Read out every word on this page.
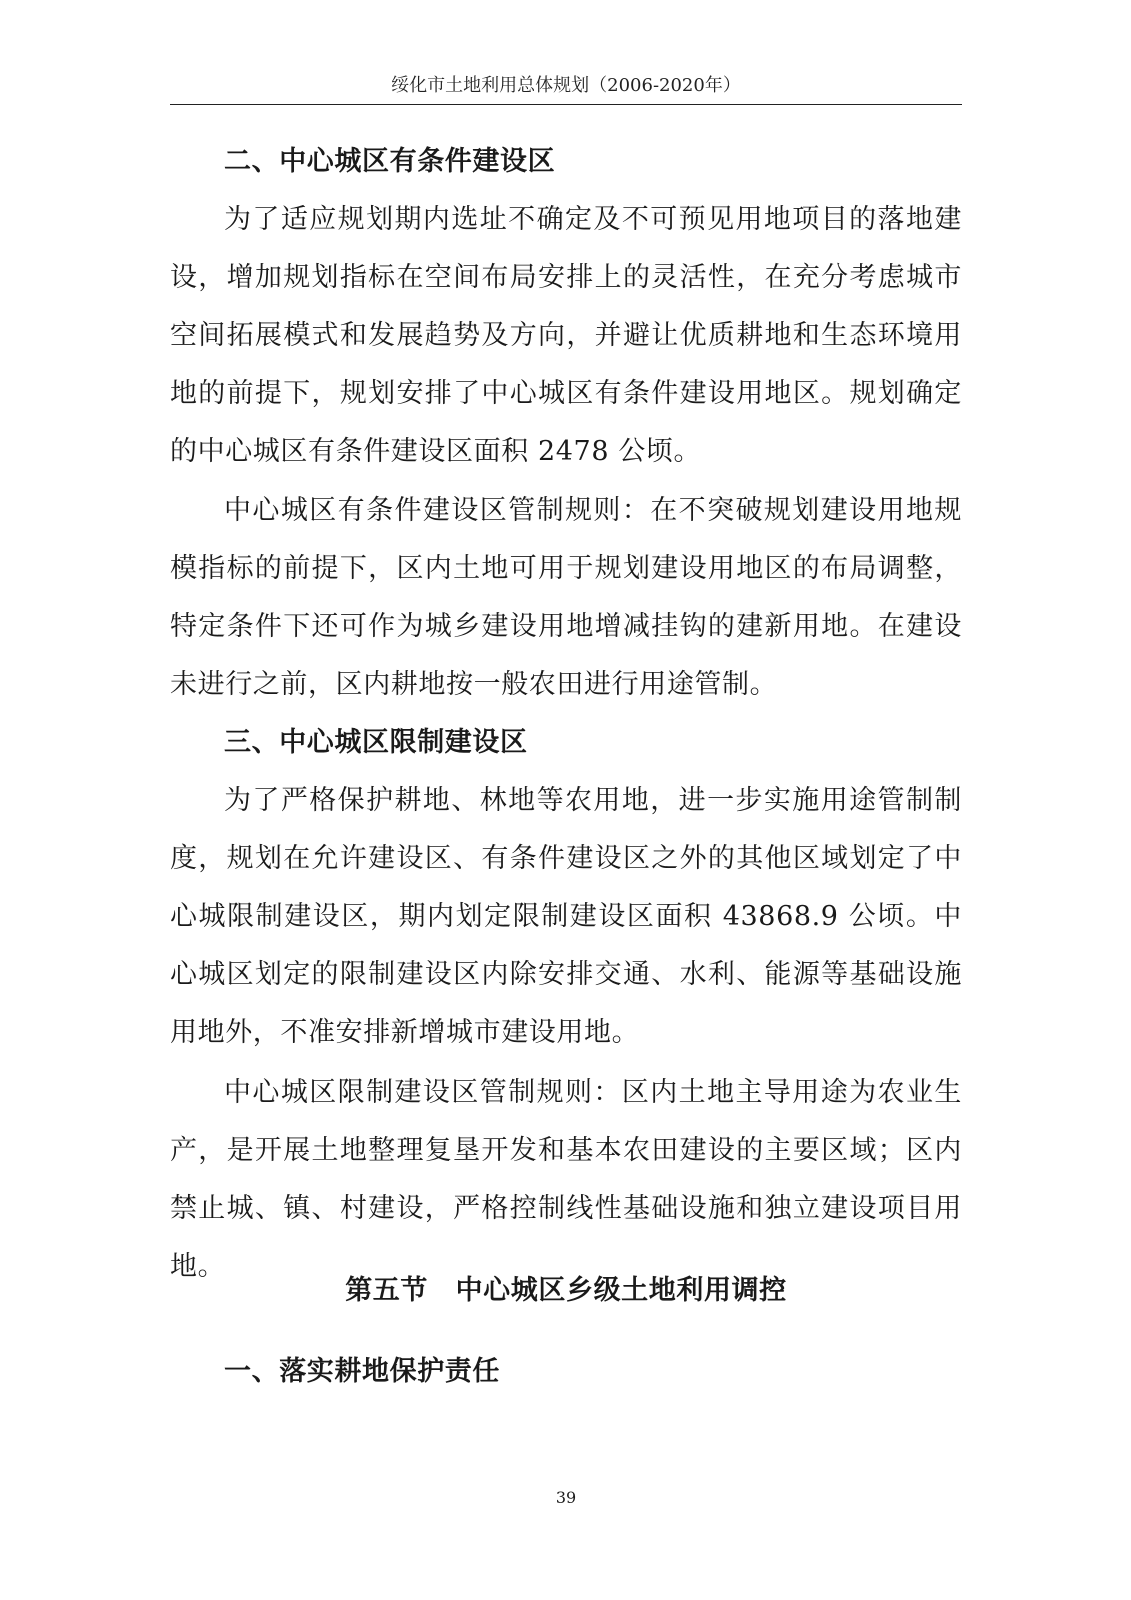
绥化市土地利用总体规划（2006-2020年）

二、中心城区有条件建设区

为了适应规划期内选址不确定及不可预见用地项目的落地建设，增加规划指标在空间布局安排上的灵活性，在充分考虑城市空间拓展模式和发展趋势及方向，并避让优质耕地和生态环境用地的前提下，规划安排了中心城区有条件建设用地区。规划确定的中心城区有条件建设区面积 2478 公顷。

中心城区有条件建设区管制规则：在不突破规划建设用地规模指标的前提下，区内土地可用于规划建设用地区的布局调整，特定条件下还可作为城乡建设用地增减挂钩的建新用地。在建设未进行之前，区内耕地按一般农田进行用途管制。

三、中心城区限制建设区

为了严格保护耕地、林地等农用地，进一步实施用途管制制度，规划在允许建设区、有条件建设区之外的其他区域划定了中心城限制建设区，期内划定限制建设区面积 43868.9 公顷。中心城区划定的限制建设区内除安排交通、水利、能源等基础设施用地外，不准安排新增城市建设用地。

中心城区限制建设区管制规则：区内土地主导用途为农业生产，是开展土地整理复垦开发和基本农田建设的主要区域；区内禁止城、镇、村建设，严格控制线性基础设施和独立建设项目用地。

第五节　中心城区乡级土地利用调控

一、落实耕地保护责任

39
